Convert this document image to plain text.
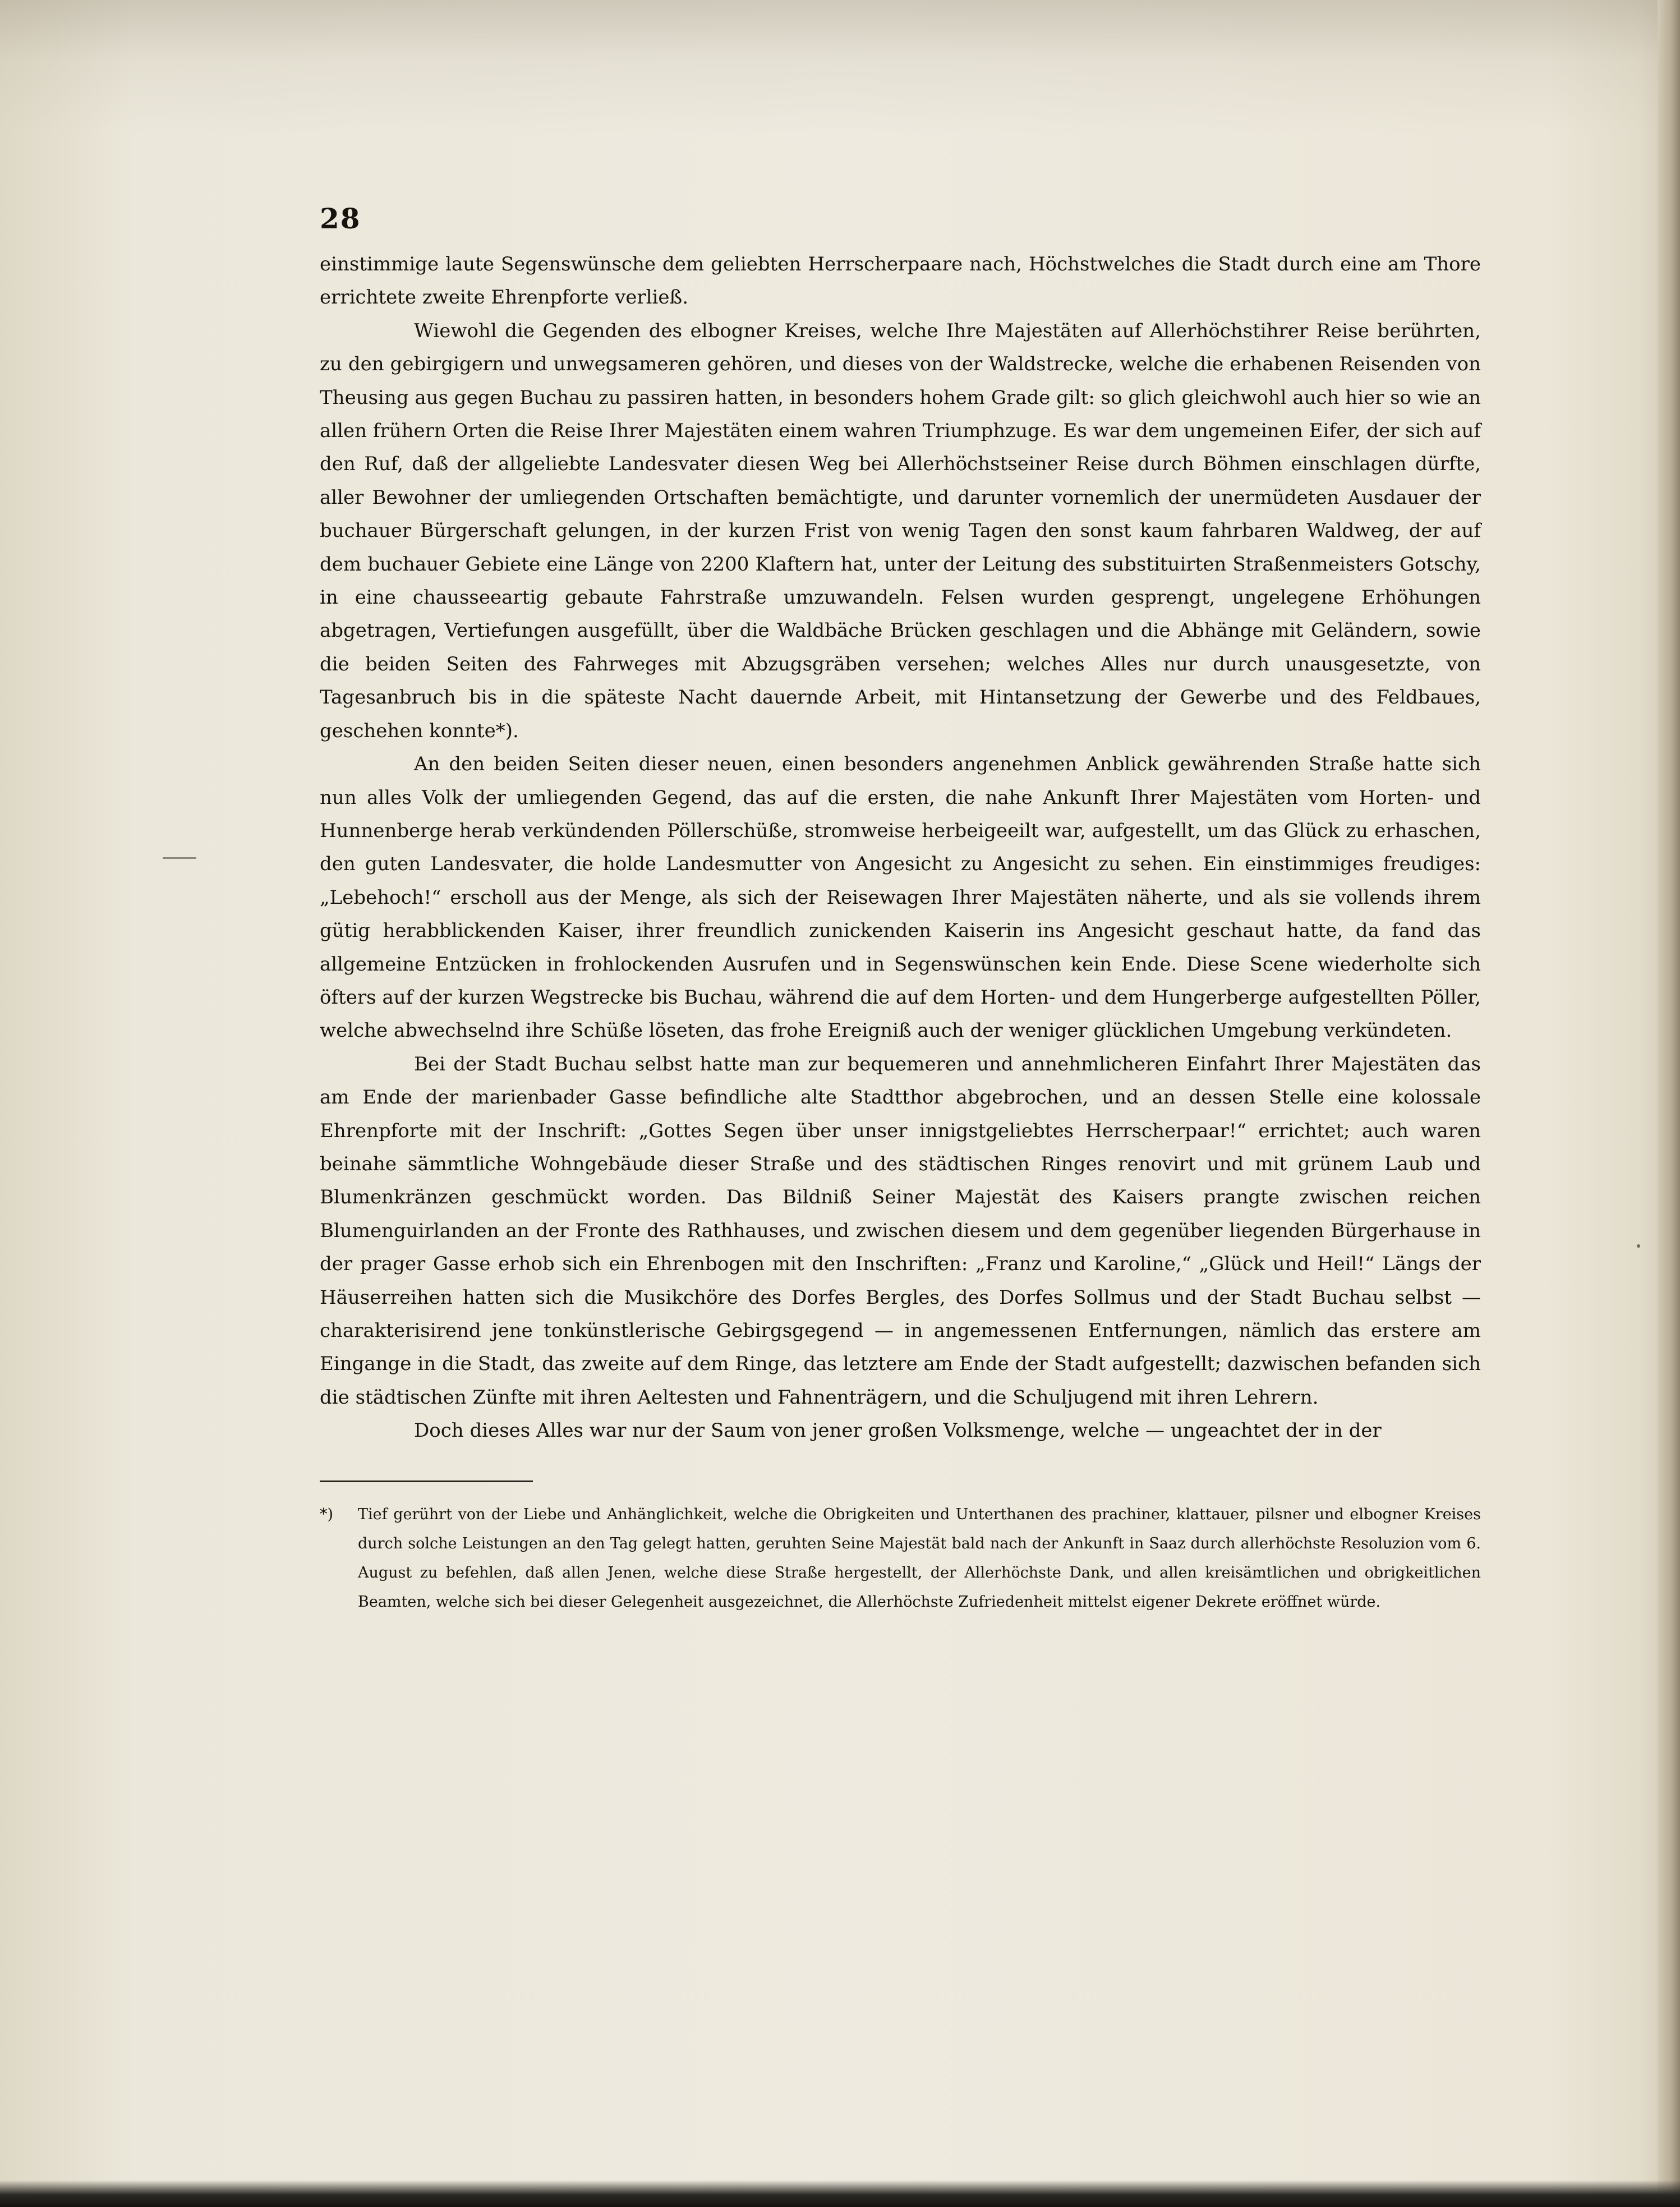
28

einstimmige laute Segenswünsche dem geliebten Herrscherpaare nach, Höchstwelches die Stadt durch eine am Thore errichtete zweite Ehrenpforte verließ.

Wiewohl die Gegenden des elbogner Kreises, welche Ihre Majestäten auf Allerhöchstihrer Reise berührten, zu den gebirgigern und unwegsameren gehören, und dieses von der Waldstrecke, welche die erhabenen Reisenden von Theusing aus gegen Buchau zu passiren hatten, in besonders hohem Grade gilt: so glich gleichwohl auch hier so wie an allen frühern Orten die Reise Ihrer Majestäten einem wahren Triumphzuge. Es war dem ungemeinen Eifer, der sich auf den Ruf, daß der allgeliebte Landesvater diesen Weg bei Allerhöchstseiner Reise durch Böhmen einschlagen dürfte, aller Bewohner der umliegenden Ortschaften bemächtigte, und darunter vornemlich der unermüdeten Ausdauer der buchauer Bürgerschaft gelungen, in der kurzen Frist von wenig Tagen den sonst kaum fahrbaren Waldweg, der auf dem buchauer Gebiete eine Länge von 2200 Klaftern hat, unter der Leitung des substituirten Straßenmeisters Gotschy, in eine chausseeartig gebaute Fahrstraße umzuwandeln. Felsen wurden gesprengt, ungelegene Erhöhungen abgetragen, Vertiefungen ausgefüllt, über die Waldbäche Brücken geschlagen und die Abhänge mit Geländern, sowie die beiden Seiten des Fahrweges mit Abzugsgräben versehen; welches Alles nur durch unausgesetzte, von Tagesanbruch bis in die späteste Nacht dauernde Arbeit, mit Hintansetzung der Gewerbe und des Feldbaues, geschehen konnte*).

An den beiden Seiten dieser neuen, einen besonders angenehmen Anblick gewährenden Straße hatte sich nun alles Volk der umliegenden Gegend, das auf die ersten, die nahe Ankunft Ihrer Majestäten vom Horten- und Hunnenberge herab verkündenden Pöllerschüße, stromweise herbeigeeilt war, aufgestellt, um das Glück zu erhaschen, den guten Landesvater, die holde Landesmutter von Angesicht zu Angesicht zu sehen. Ein einstimmiges freudiges: „Lebehoch!“ erscholl aus der Menge, als sich der Reisewagen Ihrer Majestäten näherte, und als sie vollends ihrem gütig herabblickenden Kaiser, ihrer freundlich zunickenden Kaiserin ins Angesicht geschaut hatte, da fand das allgemeine Entzücken in frohlockenden Ausrufen und in Segenswünschen kein Ende. Diese Scene wiederholte sich öfters auf der kurzen Wegstrecke bis Buchau, während die auf dem Horten- und dem Hungerberge aufgestellten Pöller, welche abwechselnd ihre Schüße löseten, das frohe Ereigniß auch der weniger glücklichen Umgebung verkündeten.

Bei der Stadt Buchau selbst hatte man zur bequemeren und annehmlicheren Einfahrt Ihrer Majestäten das am Ende der marienbader Gasse befindliche alte Stadtthor abgebrochen, und an dessen Stelle eine kolossale Ehrenpforte mit der Inschrift: „Gottes Segen über unser innigstgeliebtes Herrscherpaar!“ errichtet; auch waren beinahe sämmtliche Wohngebäude dieser Straße und des städtischen Ringes renovirt und mit grünem Laub und Blumenkränzen geschmückt worden. Das Bildniß Seiner Majestät des Kaisers prangte zwischen reichen Blumenguirlanden an der Fronte des Rathhauses, und zwischen diesem und dem gegenüber liegenden Bürgerhause in der prager Gasse erhob sich ein Ehrenbogen mit den Inschriften: „Franz und Karoline,“ „Glück und Heil!“ Längs der Häuserreihen hatten sich die Musikchöre des Dorfes Bergles, des Dorfes Sollmus und der Stadt Buchau selbst — charakterisirend jene tonkünstlerische Gebirgsgegend — in angemessenen Entfernungen, nämlich das erstere am Eingange in die Stadt, das zweite auf dem Ringe, das letztere am Ende der Stadt aufgestellt; dazwischen befanden sich die städtischen Zünfte mit ihren Aeltesten und Fahnenträgern, und die Schuljugend mit ihren Lehrern.

Doch dieses Alles war nur der Saum von jener großen Volksmenge, welche — ungeachtet der in der

*) Tief gerührt von der Liebe und Anhänglichkeit, welche die Obrigkeiten und Unterthanen des prachiner, klattauer, pilsner und elbogner Kreises durch solche Leistungen an den Tag gelegt hatten, geruhten Seine Majestät bald nach der Ankunft in Saaz durch allerhöchste Resoluzion vom 6. August zu befehlen, daß allen Jenen, welche diese Straße hergestellt, der Allerhöchste Dank, und allen kreisämtlichen und obrigkeitlichen Beamten, welche sich bei dieser Gelegenheit ausgezeichnet, die Allerhöchste Zufriedenheit mittelst eigener Dekrete eröffnet würde.
